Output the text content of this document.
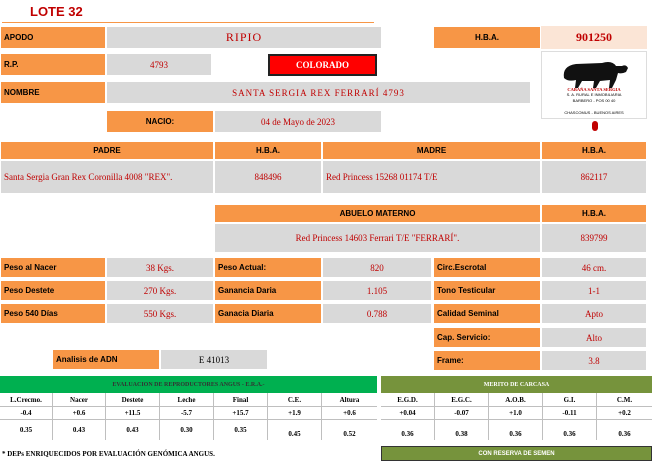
LOTE 32
APODO	RIPIO	H.B.A.	901250
R.P.	4793	COLORADO
NOMBRE	SANTA SERGIA REX FERRARÍ 4793
NACIO:	04 de Mayo de 2023
CABAÑA SANTA SERGIA
S. A. RURAL E INMOBILIARIA
BARBERO - POS 00 40
CHASCOMUS - BUENOS AIRES
PADRE	H.B.A.	MADRE	H.B.A.
Santa Sergia Gran Rex Coronilla 4008 "REX".	848496	Red Princess 15268 01174 T/E	862117
ABUELO MATERNO	H.B.A.
Red Princess 14603 Ferrari T/E "FERRARÍ".	839799
Peso al Nacer	38 Kgs.	Peso Actual:	820	Circ.Escrotal	46 cm.
Peso Destete	270 Kgs.	Ganancia Daria	1.105	Tono Testicular	1-1
Peso 540 Días	550 Kgs.	Ganacia Diaria	0.788	Calidad Seminal	Apto
Cap. Servicio:	Alto
Analisis de ADN	E 41013	Frame:	3.8
EVALUACION DE REPRODUCTORES ANGUS - E.R.A.-
L.Crecmo.	Nacer	Destete	Leche	Final	C.E.	Altura
-0.4	+0.6	+11.5	-5.7	+15.7	+1.9	+0.6
0.35	0.43	0.43	0.30	0.35	0.45	0.52
MERITO DE CARCASA
E.G.D.	E.G.C.	A.O.B.	G.I.	C.M.
+0.04	-0.07	+1.0	-0.11	+0.2
0.36	0.38	0.36	0.36	0.36
* DEPs ENRIQUECIDOS POR EVALUACIÓN GENÓMICA ANGUS.	CON RESERVA DE SEMEN
